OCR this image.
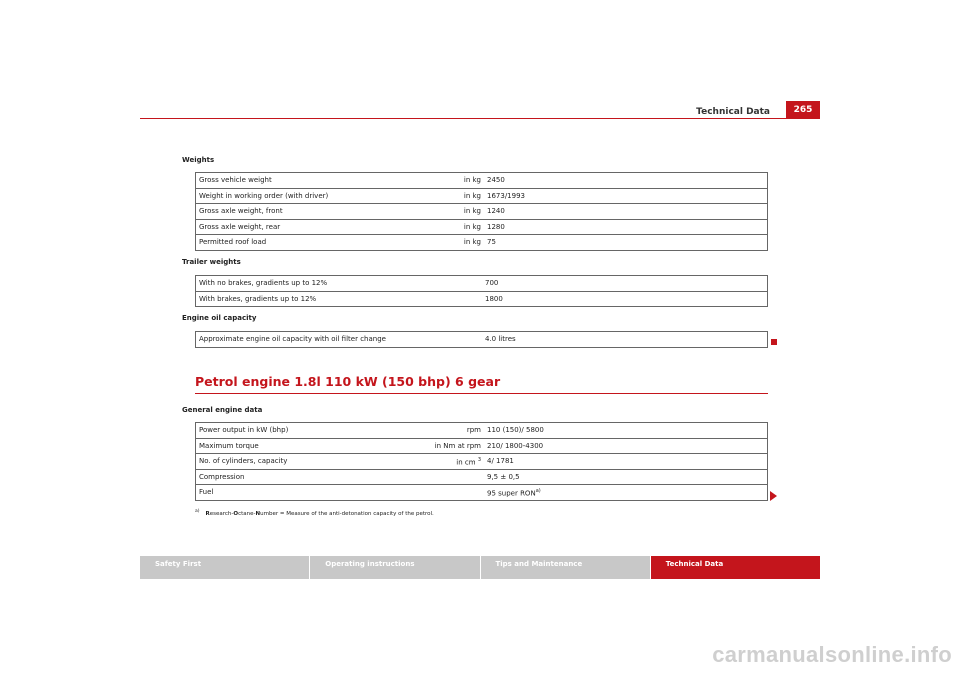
Technical Data	265
Weights
Gross vehicle weight	in kg	2450
Weight in working order (with driver)	in kg	1673/1993
Gross axle weight, front	in kg	1240
Gross axle weight, rear	in kg	1280
Permitted roof load	in kg	75
Trailer weights
With no brakes, gradients up to 12%	700
With brakes, gradients up to 12%	1800
Engine oil capacity
Approximate engine oil capacity with oil filter change	4.0 litres
Petrol engine 1.8l 110 kW (150 bhp) 6 gear
General engine data
Power output in kW (bhp)	rpm	110 (150)/ 5800
Maximum torque	in Nm at rpm	210/ 1800-4300
No. of cylinders, capacity	in cm $^3$	4/ 1781
Compression		9,5 ± 0,5
Fuel		95 super RON$^{a)}$
$^{a)}$ Research-Octane-Number = Measure of the anti-detonation capacity of the petrol.
Safety First	Operating instructions	Tips and Maintenance	Technical Data
carmanualsonline.info
